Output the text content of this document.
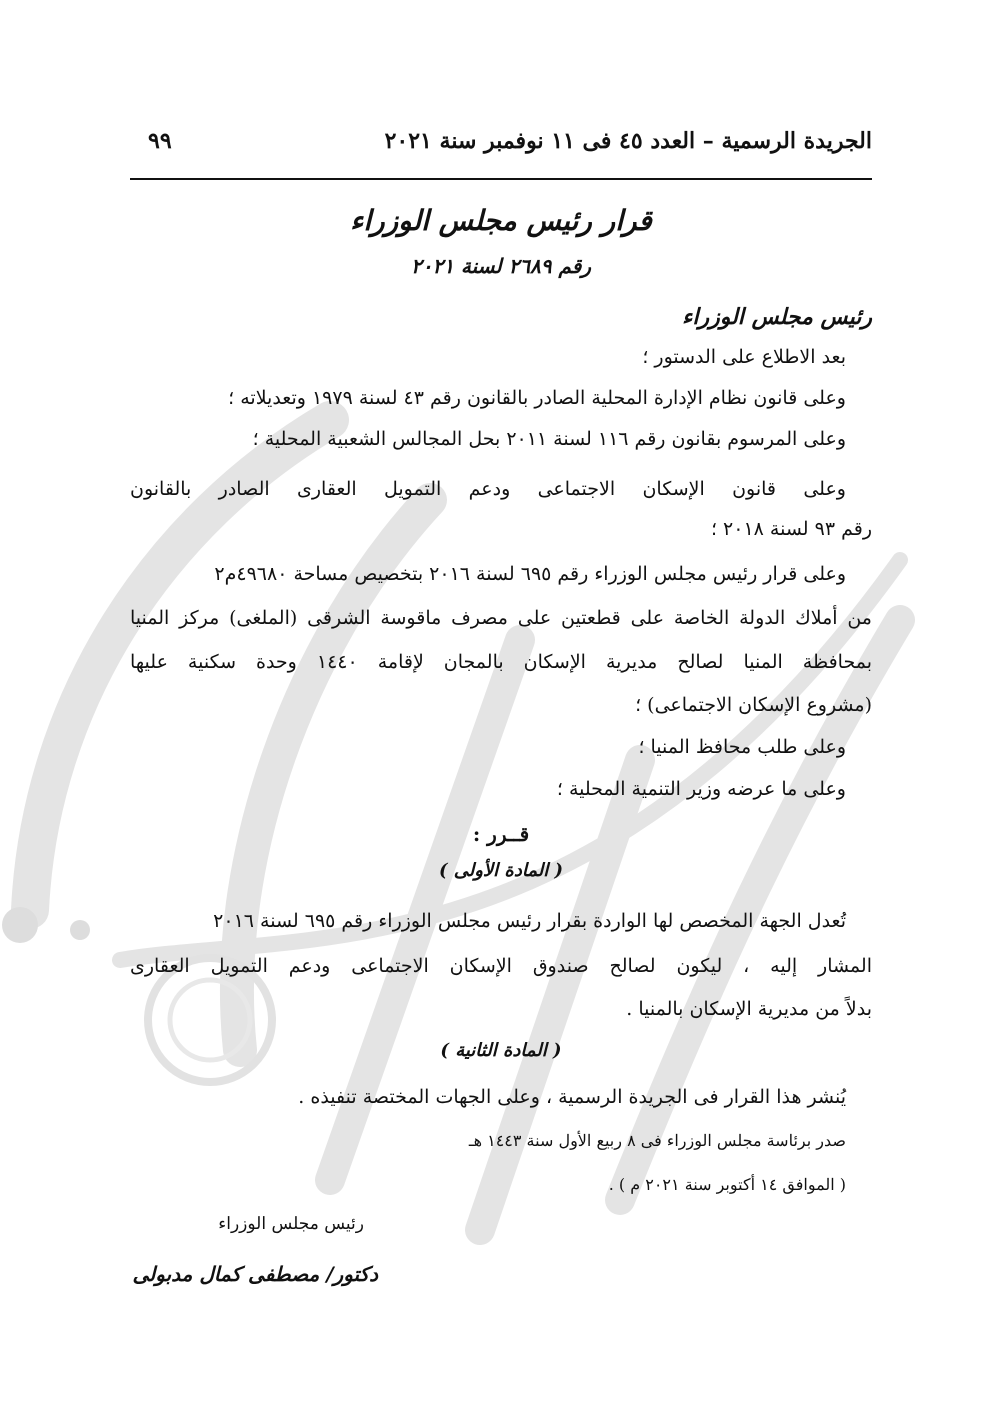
الجريدة الرسمية – العدد ٤٥ فى ١١ نوفمبر سنة ٢٠٢١
٩٩
قرار رئيس مجلس الوزراء
رقم ٢٦٨٩ لسنة ٢٠٢١
رئيس مجلس الوزراء
بعد الاطلاع على الدستور ؛
وعلى قانون نظام الإدارة المحلية الصادر بالقانون رقم ٤٣ لسنة ١٩٧٩ وتعديلاته ؛
وعلى المرسوم بقانون رقم ١١٦ لسنة ٢٠١١ بحل المجالس الشعبية المحلية ؛
وعلى قانون الإسكان الاجتماعى ودعم التمويل العقارى الصادر بالقانون
رقم ٩٣ لسنة ٢٠١٨ ؛
وعلى قرار رئيس مجلس الوزراء رقم ٦٩٥ لسنة ٢٠١٦ بتخصيص مساحة ٤٩٦٨٠م٢
من أملاك الدولة الخاصة على قطعتين على مصرف ماقوسة الشرقى (الملغى) مركز المنيا
بمحافظة المنيا لصالح مديرية الإسكان بالمجان لإقامة ١٤٤٠ وحدة سكنية عليها
(مشروع الإسكان الاجتماعى) ؛
وعلى طلب محافظ المنيا ؛
وعلى ما عرضه وزير التنمية المحلية ؛
قــرر :
( المادة الأولى )
تُعدل الجهة المخصص لها الواردة بقرار رئيس مجلس الوزراء رقم ٦٩٥ لسنة ٢٠١٦
المشار إليه ، ليكون لصالح صندوق الإسكان الاجتماعى ودعم التمويل العقارى
بدلاً من مديرية الإسكان بالمنيا .
( المادة الثانية )
يُنشر هذا القرار فى الجريدة الرسمية ، وعلى الجهات المختصة تنفيذه .
صدر برئاسة مجلس الوزراء فى ٨ ربيع الأول سنة ١٤٤٣ هـ
( الموافق ١٤ أكتوبر سنة ٢٠٢١ م ) .
رئيس مجلس الوزراء
دكتور/ مصطفى كمال مدبولى
